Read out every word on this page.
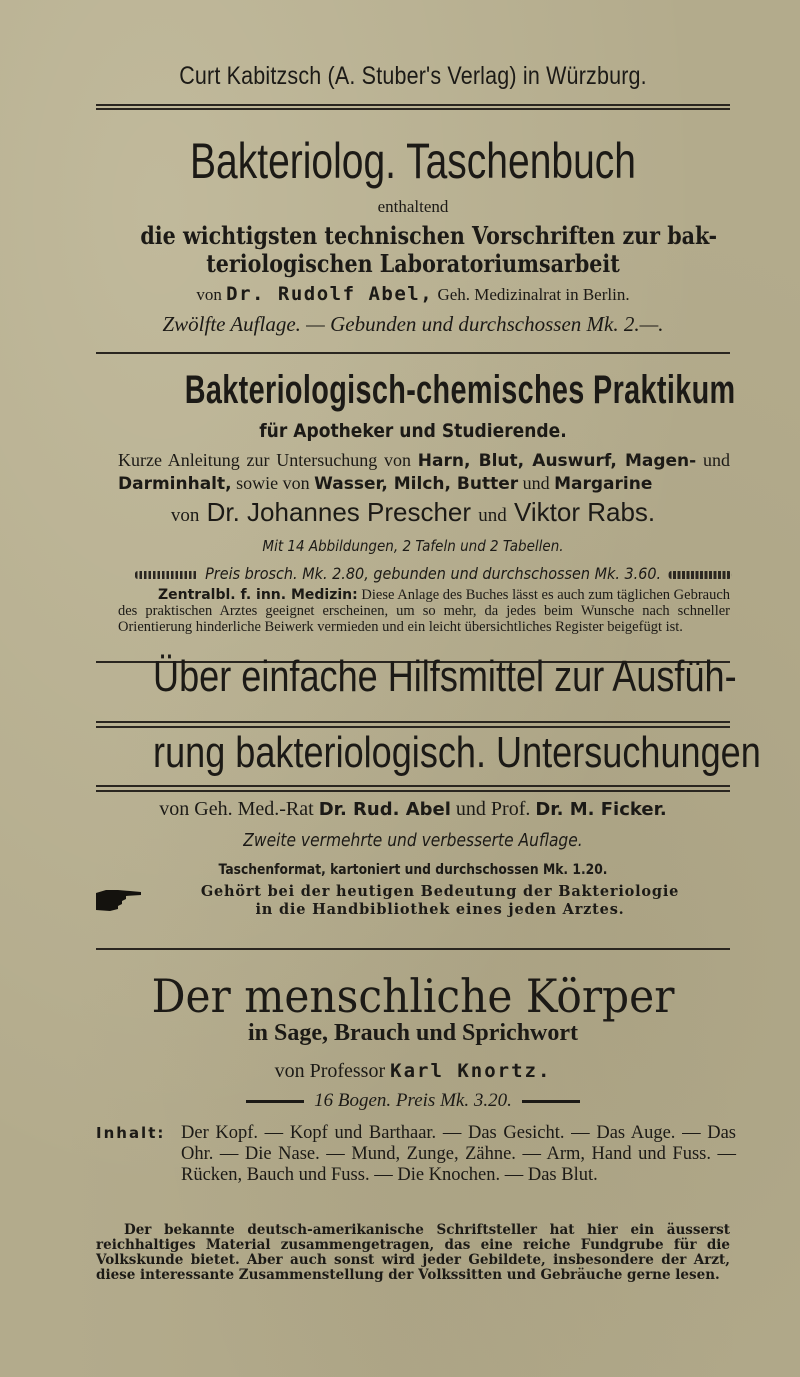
Curt Kabitzsch (A. Stuber's Verlag) in Würzburg.
Bakteriolog. Taschenbuch
enthaltend
die wichtigsten technischen Vorschriften zur bak-
teriologischen Laboratoriumsarbeit
von Dr. Rudolf Abel, Geh. Medizinalrat in Berlin.
Zwölfte Auflage. — Gebunden und durchschossen Mk. 2.—.
Bakteriologisch-chemisches Praktikum
für Apotheker und Studierende.
Kurze Anleitung zur Untersuchung von Harn, Blut, Auswurf, Magen- und Darminhalt, sowie von Wasser, Milch, Butter und Margarine
von Dr. Johannes Prescher und Viktor Rabs.
Mit 14 Abbildungen, 2 Tafeln und 2 Tabellen.
Preis brosch. Mk. 2.80, gebunden und durchschossen Mk. 3.60.
Zentralbl. f. inn. Medizin: Diese Anlage des Buches lässt es auch zum täglichen Gebrauch des praktischen Arztes geeignet erscheinen, um so mehr, da jedes beim Wunsche nach schneller Orientierung hinderliche Beiwerk vermieden und ein leicht übersichtliches Register beigefügt ist.
Über einfache Hilfsmittel zur Ausfüh-
rung bakteriologisch. Untersuchungen
von Geh. Med.-Rat Dr. Rud. Abel und Prof. Dr. M. Ficker.
Zweite vermehrte und verbesserte Auflage.
Taschenformat, kartoniert und durchschossen Mk. 1.20.
Gehört bei der heutigen Bedeutung der Bakteriologie
in die Handbibliothek eines jeden Arztes.
Der menschliche Körper
in Sage, Brauch und Sprichwort
von Professor Karl Knortz.
16 Bogen. Preis Mk. 3.20.
Inhalt: Der Kopf. — Kopf und Barthaar. — Das Gesicht. — Das Auge. — Das Ohr. — Die Nase. — Mund, Zunge, Zähne. — Arm, Hand und Fuss. — Rücken, Bauch und Fuss. — Die Knochen. — Das Blut.
Der bekannte deutsch-amerikanische Schriftsteller hat hier ein äusserst reichhaltiges Material zusammengetragen, das eine reiche Fundgrube für die Volkskunde bietet. Aber auch sonst wird jeder Gebildete, insbesondere der Arzt, diese interessante Zusammenstellung der Volkssitten und Gebräuche gerne lesen.
